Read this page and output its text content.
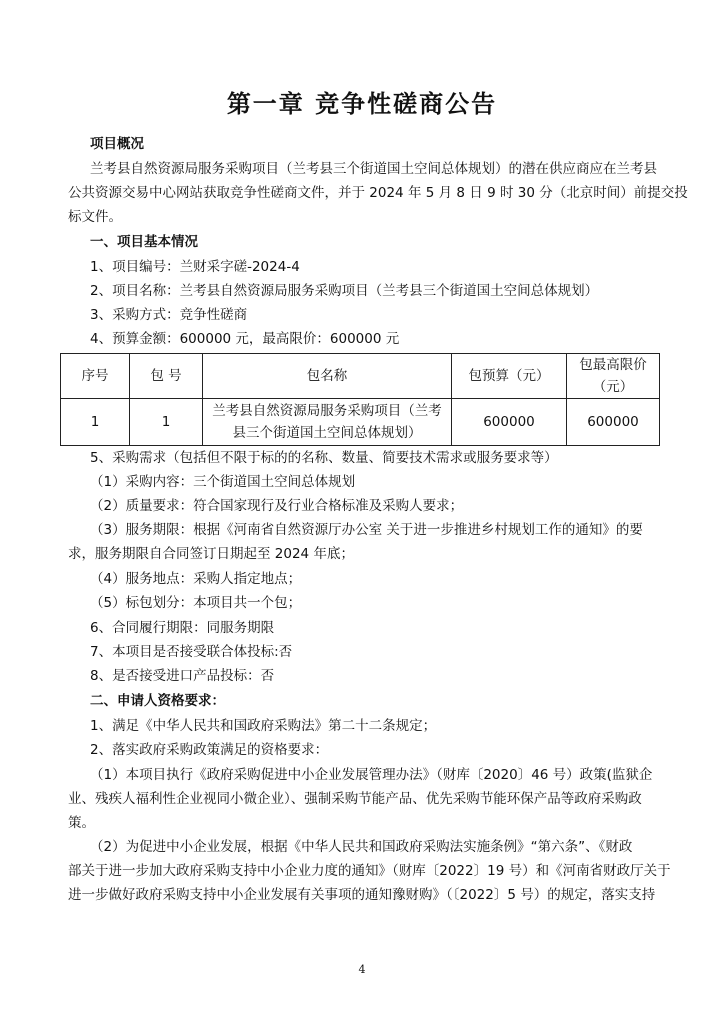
第一章 竞争性磋商公告
项目概况
兰考县自然资源局服务采购项目（兰考县三个街道国土空间总体规划）的潜在供应商应在兰考县
公共资源交易中心网站获取竞争性磋商文件，并于 2024 年 5 月 8 日 9 时 30 分（北京时间）前提交投
标文件。
一、项目基本情况
1、项目编号：兰财采字磋-2024-4
2、项目名称：兰考县自然资源局服务采购项目（兰考县三个街道国土空间总体规划）
3、采购方式：竞争性磋商
4、预算金额：600000 元，最高限价：600000 元
序号	包 号	包名称	包预算（元）	包最高限价（元）
1	1	兰考县自然资源局服务采购项目（兰考
县三个街道国土空间总体规划）	600000	600000
5、采购需求（包括但不限于标的的名称、数量、简要技术需求或服务要求等）
（1）采购内容：三个街道国土空间总体规划
（2）质量要求：符合国家现行及行业合格标准及采购人要求；
（3）服务期限：根据《河南省自然资源厅办公室 关于进一步推进乡村规划工作的通知》的要
求，服务期限自合同签订日期起至 2024 年底；
（4）服务地点：采购人指定地点；
（5）标包划分：本项目共一个包；
6、合同履行期限：同服务期限
7、本项目是否接受联合体投标:否
8、是否接受进口产品投标：否
二、申请人资格要求：
1、满足《中华人民共和国政府采购法》第二十二条规定；
2、落实政府采购政策满足的资格要求：
（1）本项目执行《政府采购促进中小企业发展管理办法》（财库〔2020〕46 号）政策(监狱企
业、残疾人福利性企业视同小微企业）、强制采购节能产品、优先采购节能环保产品等政府采购政
策。
（2）为促进中小企业发展，根据《中华人民共和国政府采购法实施条例》“第六条”、《财政
部关于进一步加大政府采购支持中小企业力度的通知》（财库〔2022〕19 号）和《河南省财政厅关于
进一步做好政府采购支持中小企业发展有关事项的通知豫财购》（〔2022〕5 号）的规定，落实支持
4
